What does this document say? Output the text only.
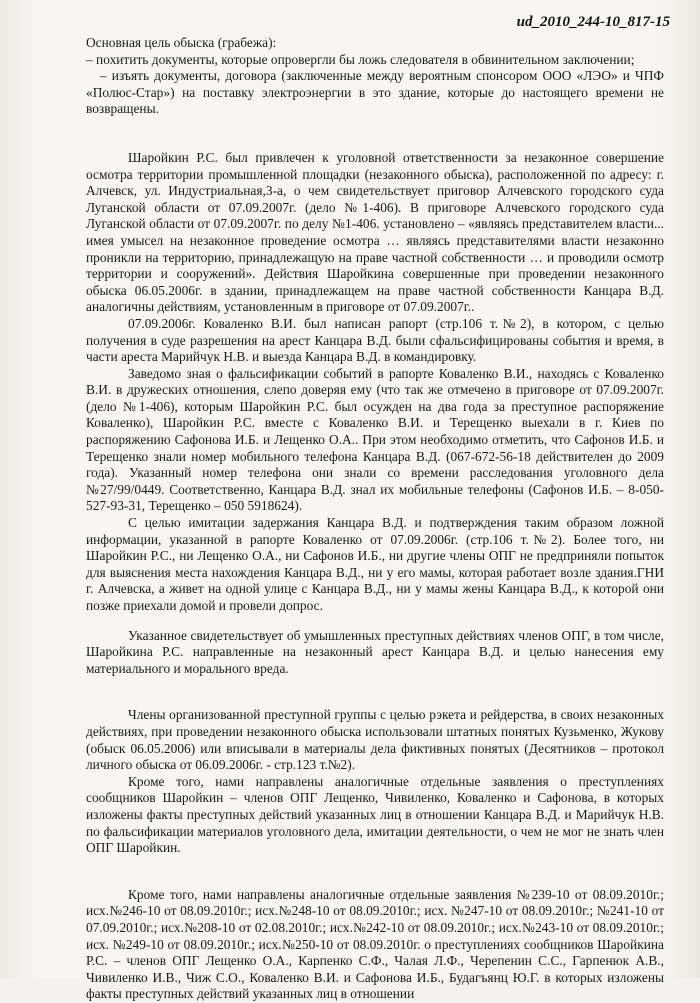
ud_2010_244-10_817-15

Основная цель обыска (грабежа):

– похитить документы, которые опровергли бы ложь следователя в обвинительном заключении;

– изъять документы, договора (заключенные между вероятным спонсором ООО «ЛЭО» и ЧПФ «Полюс-Стар») на поставку электроэнергии в это здание, которые до настоящего времени не возвращены.

Шаройкин Р.С. был привлечен к уголовной ответственности за незаконное совершение осмотра территории промышленной площадки (незаконного обыска), расположенной по адресу: г. Алчевск, ул. Индустриальная,3-а, о чем свидетельствует приговор Алчевского городского суда Луганской области от 07.09.2007г. (дело №1-406). В приговоре Алчевского городского суда Луганской области от 07.09.2007г. по делу №1-406. установлено – «являясь представителем власти... имея умысел на незаконное проведение осмотра … являясь представителями власти незаконно проникли на территорию, принадлежащую на праве частной собственности … и проводили осмотр территории и сооружений». Действия Шаройкина совершенные при проведении незаконного обыска 06.05.2006г. в здании, принадлежащем на праве частной собственности Канцара В.Д. аналогичны действиям, установленным в приговоре от 07.09.2007г..

07.09.2006г. Коваленко В.И. был написан рапорт (стр.106 т.№2), в котором, с целью получения в суде разрешения на арест Канцара В.Д. были сфальсифицированы события и время, в части ареста Марийчук Н.В. и выезда Канцара В.Д. в командировку.

Заведомо зная о фальсификации событий в рапорте Коваленко В.И., находясь с Коваленко В.И. в дружеских отношения, слепо доверяя ему (что так же отмечено в приговоре от 07.09.2007г. (дело №1-406), которым Шаройкин Р.С. был осужден на два года за преступное распоряжение Коваленко), Шаройкин Р.С. вместе с Коваленко В.И. и Терещенко выехали в г. Киев по распоряжению Сафонова И.Б. и Лещенко О.А.. При этом необходимо отметить, что Сафонов И.Б. и Терещенко знали номер мобильного телефона Канцара В.Д. (067-672-56-18 действителен до 2009 года). Указанный номер телефона они знали со времени расследования уголовного дела №27/99/0449. Соответственно, Канцара В.Д. знал их мобильные телефоны (Сафонов И.Б. – 8-050-527-93-31, Терещенко – 050 5918624).

С целью имитации задержания Канцара В.Д. и подтверждения таким образом ложной информации, указанной в рапорте Коваленко от 07.09.2006г. (стр.106 т.№2). Более того, ни Шаройкин Р.С., ни Лещенко О.А., ни Сафонов И.Б., ни другие члены ОПГ не предприняли попыток для выяснения места нахождения Канцара В.Д., ни у его мамы, которая работает возле здания.ГНИ г. Алчевска, а живет на одной улице с Канцара В.Д., ни у мамы жены Канцара В.Д., к которой они позже приехали домой и провели допрос.

Указанное свидетельствует об умышленных преступных действиях членов ОПГ, в том числе, Шаройкина Р.С. направленные на незаконный арест Канцара В.Д. и целью нанесения ему материального и морального вреда.

Члены организованной преступной группы с целью рэкета и рейдерства, в своих незаконных действиях, при проведении незаконного обыска использовали штатных понятых Кузьменко, Жукову (обыск 06.05.2006) или вписывали в материалы дела фиктивных понятых (Десятников – протокол личного обыска от 06.09.2006г. - стр.123 т.№2).

Кроме того, нами направлены аналогичные отдельные заявления о преступлениях сообщников Шаройкин – членов ОПГ Лещенко, Чивиленко, Коваленко и Сафонова, в которых изложены факты преступных действий указанных лиц в отношении Канцара В.Д. и Марийчук Н.В. по фальсификации материалов уголовного дела, имитации деятельности, о чем не мог не знать член ОПГ Шаройкин.

Кроме того, нами направлены аналогичные отдельные заявления №239-10 от 08.09.2010г.; исх.№246-10 от 08.09.2010г.; исх.№248-10 от 08.09.2010г.; исх. №247-10 от 08.09.2010г.; №241-10 от 07.09.2010г.; исх.№208-10 от 02.08.2010г.; исх.№242-10 от 08.09.2010г.; исх.№243-10 от 08.09.2010г.; исх. №249-10 от 08.09.2010г.; исх.№250-10 от 08.09.2010г. о преступлениях сообщников Шаройкина Р.С. – членов ОПГ Лещенко О.А., Карпенко С.Ф., Чалая Л.Ф., Черепенин С.С., Гарпенюк А.В., Чивиленко И.В., Чиж С.О., Коваленко В.И. и Сафонова И.Б., Будагъянц Ю.Г. в которых изложены факты преступных действий указанных лиц в отношении
